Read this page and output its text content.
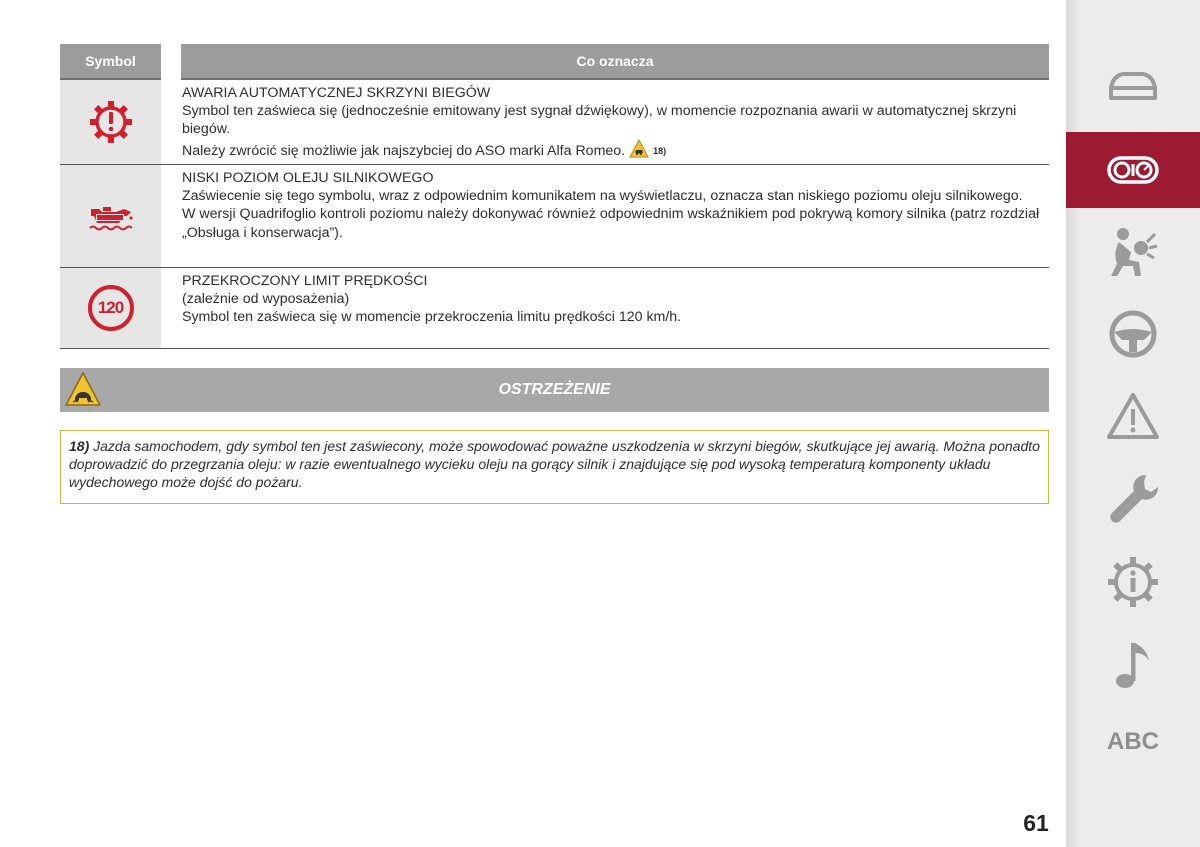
Symbol	Co oznacza

AWARIA AUTOMATYCZNEJ SKRZYNI BIEGÓW

Symbol ten zaświeca się (jednocześnie emitowany jest sygnał dźwiękowy), w momencie rozpoznania awarii w automatycznej skrzyni biegów.

Należy zwrócić się możliwie jak najszybciej do ASO marki Alfa Romeo.	18)

NISKI POZIOM OLEJU SILNIKOWEGO

Zaświecenie się tego symbolu, wraz z odpowiednim komunikatem na wyświetlaczu, oznacza stan niskiego poziomu oleju silnikowego.

W wersji Quadrifoglio kontroli poziomu należy dokonywać również odpowiednim wskaźnikiem pod pokrywą komory silnika (patrz rozdział „Obsługa i konserwacja”).

120

PRZEKROCZONY LIMIT PRĘDKOŚCI

(zależnie od wyposażenia)

Symbol ten zaświeca się w momencie przekroczenia limitu prędkości 120 km/h.

OSTRZEŻENIE
18) Jazda samochodem, gdy symbol ten jest zaświecony, może spowodować poważne uszkodzenia w skrzyni biegów, skutkujące jej awarią. Można ponadto doprowadzić do przegrzania oleju: w razie ewentualnego wycieku oleju na gorący silnik i znajdujące się pod wysoką temperaturą komponenty układu wydechowego może dojść do pożaru.
ABC
61
